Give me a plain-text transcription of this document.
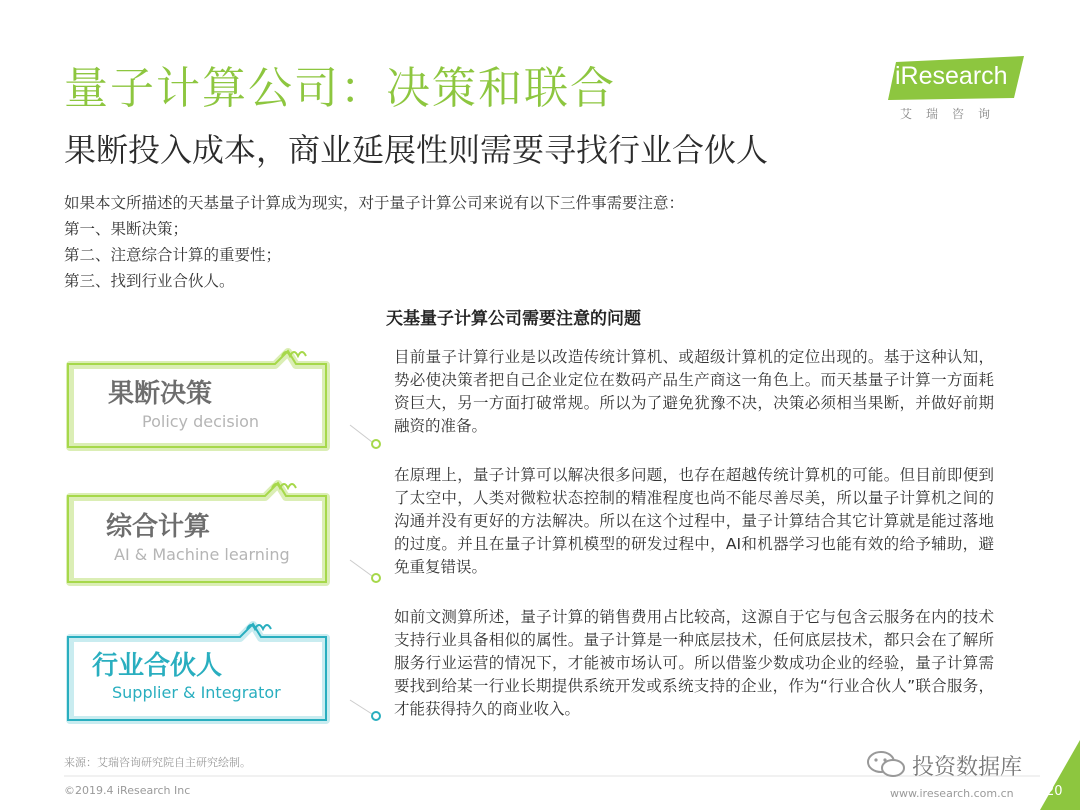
iResearch
艾瑞咨询
量子计算公司：决策和联合
果断投入成本，商业延展性则需要寻找行业合伙人
如果本文所描述的天基量子计算成为现实，对于量子计算公司来说有以下三件事需要注意：
第一、果断决策；
第二、注意综合计算的重要性；
第三、找到行业合伙人。
天基量子计算公司需要注意的问题
果断决策
Policy decision
综合计算
AI & Machine learning
行业合伙人
Supplier & Integrator
目前量子计算行业是以改造传统计算机、或超级计算机的定位出现的。基于这种认知，势必使决策者把自己企业定位在数码产品生产商这一角色上。而天基量子计算一方面耗资巨大，另一方面打破常规。所以为了避免犹豫不决，决策必须相当果断，并做好前期融资的准备。
在原理上，量子计算可以解决很多问题，也存在超越传统计算机的可能。但目前即便到了太空中，人类对微粒状态控制的精准程度也尚不能尽善尽美，所以量子计算机之间的沟通并没有更好的方法解决。所以在这个过程中，量子计算结合其它计算就是能过落地的过度。并且在量子计算机模型的研发过程中，AI和机器学习也能有效的给予辅助，避免重复错误。
如前文测算所述，量子计算的销售费用占比较高，这源自于它与包含云服务在内的技术支持行业具备相似的属性。量子计算是一种底层技术，任何底层技术，都只会在了解所服务行业运营的情况下，才能被市场认可。所以借鉴少数成功企业的经验，量子计算需要找到给某一行业长期提供系统开发或系统支持的企业，作为“行业合伙人”联合服务，才能获得持久的商业收入。
来源：艾瑞咨询研究院自主研究绘制。
©2019.4 iResearch Inc	www.iresearch.com.cn 20
投资数据库
